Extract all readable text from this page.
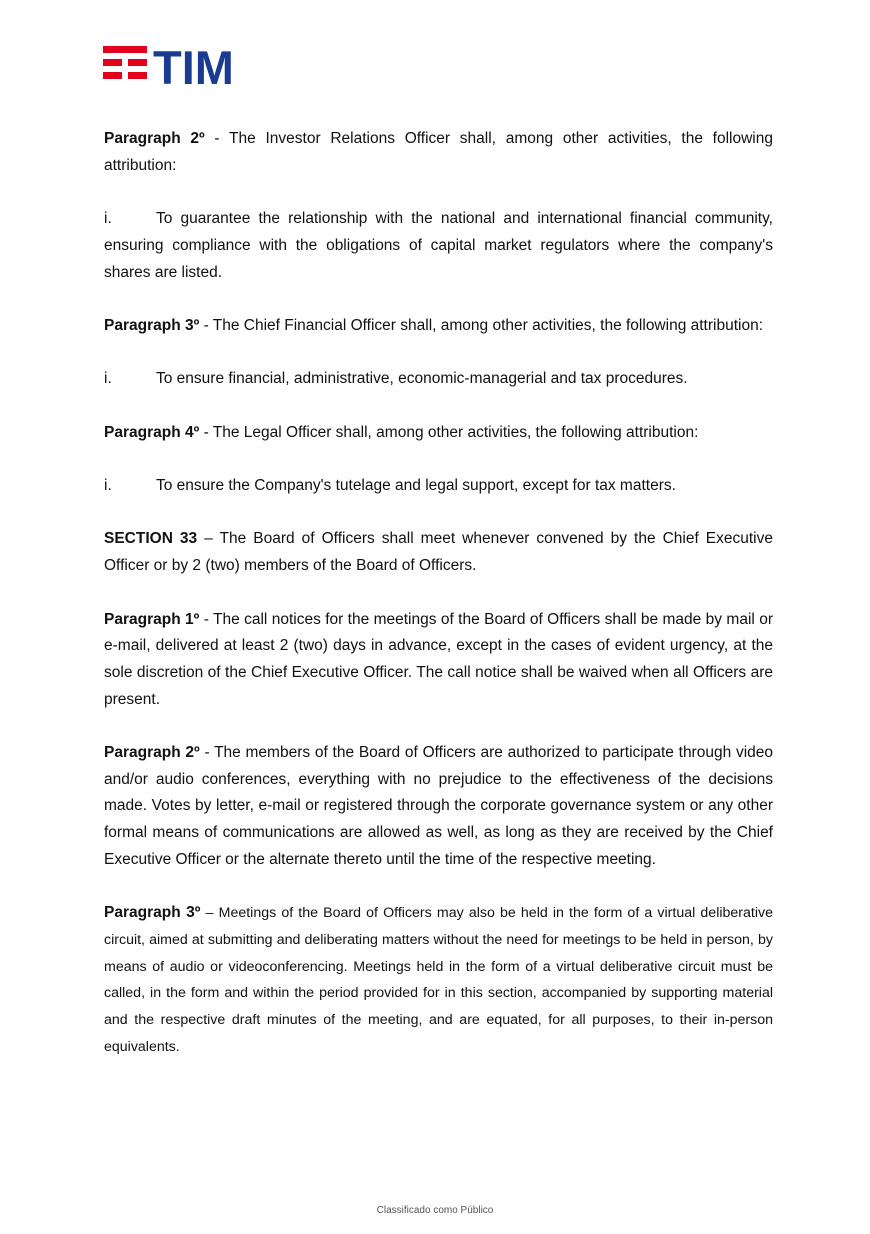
TIM

Paragraph 2º - The Investor Relations Officer shall, among other activities, the following attribution:

i.	To guarantee the relationship with the national and international financial community, ensuring compliance with the obligations of capital market regulators where the company's shares are listed.

Paragraph 3º - The Chief Financial Officer shall, among other activities, the following attribution:

i.	To ensure financial, administrative, economic-managerial and tax procedures.

Paragraph 4º - The Legal Officer shall, among other activities, the following attribution:

i.	To ensure the Company's tutelage and legal support, except for tax matters.

SECTION 33 – The Board of Officers shall meet whenever convened by the Chief Executive Officer or by 2 (two) members of the Board of Officers.

Paragraph 1º - The call notices for the meetings of the Board of Officers shall be made by mail or e-mail, delivered at least 2 (two) days in advance, except in the cases of evident urgency, at the sole discretion of the Chief Executive Officer. The call notice shall be waived when all Officers are present.

Paragraph 2º - The members of the Board of Officers are authorized to participate through video and/or audio conferences, everything with no prejudice to the effectiveness of the decisions made. Votes by letter, e-mail or registered through the corporate governance system or any other formal means of communications are allowed as well, as long as they are received by the Chief Executive Officer or the alternate thereto until the time of the respective meeting.

Paragraph 3º – Meetings of the Board of Officers may also be held in the form of a virtual deliberative circuit, aimed at submitting and deliberating matters without the need for meetings to be held in person, by means of audio or videoconferencing. Meetings held in the form of a virtual deliberative circuit must be called, in the form and within the period provided for in this section, accompanied by supporting material and the respective draft minutes of the meeting, and are equated, for all purposes, to their in-person equivalents.

Classificado como Público
